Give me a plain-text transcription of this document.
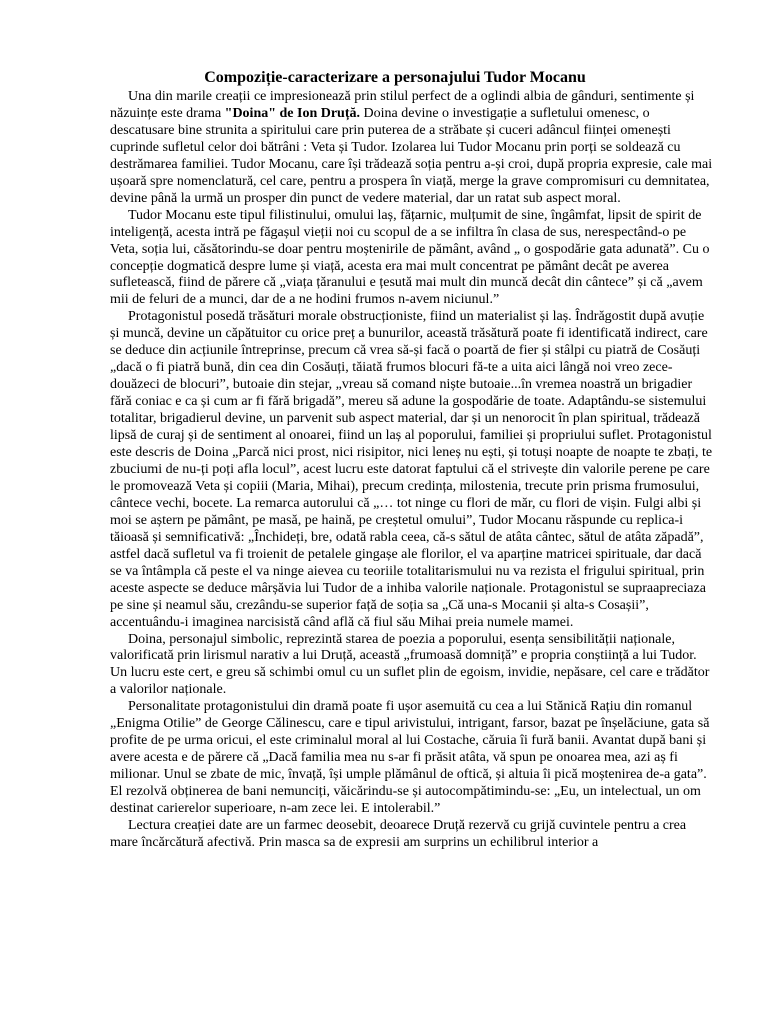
Compoziție-caracterizare a personajului Tudor Mocanu

Una din marile creații ce impresionează prin stilul perfect de a oglindi albia de gânduri, sentimente și năzuințe este drama "Doina" de Ion Druță. Doina devine o investigație a sufletului omenesc, o descatusare bine strunita a spiritului care prin puterea de a străbate și cuceri adâncul ființei omenești cuprinde sufletul celor doi bătrâni : Veta și Tudor. Izolarea lui Tudor Mocanu prin porți se soldează cu destrămarea familiei. Tudor Mocanu, care își trădează soția pentru a-și croi, după propria expresie, cale mai ușoară spre nomenclatură, cel care, pentru a prospera în viață, merge la grave compromisuri cu demnitatea, devine până la urmă un prosper din punct de vedere material, dar un ratat sub aspect moral.

Tudor Mocanu este tipul filistinului, omului laș, fățarnic, mulțumit de sine, îngâmfat, lipsit de spirit de inteligență, acesta intră pe făgașul vieții noi cu scopul de a se infiltra în clasa de sus, nerespectând-o pe Veta, soția lui, căsătorindu-se doar pentru moștenirile de pământ, având „ o gospodărie gata adunată”. Cu o concepție dogmatică despre lume și viață, acesta era mai mult concentrat pe pământ decât pe averea sufletească, fiind de părere că „viața țăranului e țesută mai mult din muncă decât din cântece” și că „avem mii de feluri de a munci, dar de a ne hodini frumos n-avem niciunul.”

Protagonistul posedă trăsături morale obstrucționiste, fiind un materialist și laș. Îndrăgostit după avuție și muncă, devine un căpătuitor cu orice preț a bunurilor, această trăsătură poate fi identificată indirect, care se deduce din acțiunile întreprinse, precum că vrea să-și facă o poartă de fier și stâlpi cu piatră de Cosăuți „dacă o fi piatră bună, din cea din Cosăuți, tăiată frumos blocuri fă-te a uita aici lângă noi vreo zece-douăzeci de blocuri”, butoaie din stejar, „vreau să comand niște butoaie...în vremea noastră un brigadier fără coniac e ca și cum ar fi fără brigadă”, mereu să adune la gospodărie de toate. Adaptându-se sistemului totalitar, brigadierul devine, un parvenit sub aspect material, dar și un nenorocit în plan spiritual, trădează lipsă de curaj și de sentiment al onoarei, fiind un laș al poporului, familiei și propriului suflet. Protagonistul este descris de Doina „Parcă nici prost, nici risipitor, nici leneș nu ești, și totuși noapte de noapte te zbați, te zbuciumi de nu-ți poți afla locul”, acest lucru este datorat faptului că el strivește din valorile perene pe care le promovează Veta și copiii (Maria, Mihai), precum credința, milostenia, trecute prin prisma frumosului, cântece vechi, bocete. La remarca autorului că „… tot ninge cu flori de măr, cu flori de vișin. Fulgi albi și moi se aștern pe pământ, pe masă, pe haină, pe creștetul omului”, Tudor Mocanu răspunde cu replica-i tăioasă și semnificativă: „Închideți, bre, odată rabla ceea, că-s sătul de atâta cântec, sătul de atâta zăpadă”, astfel dacă sufletul va fi troienit de petalele gingașe ale florilor, el va aparține matricei spirituale, dar dacă se va întâmpla că peste el va ninge aievea cu teoriile totalitarismului nu va rezista el frigului spiritual, prin aceste aspecte se deduce mârșăvia lui Tudor de a inhiba valorile naționale. Protagonistul se supraapreciaza pe sine și neamul său, crezându-se superior față de soția sa „Că una-s Mocanii și alta-s Cosașii”, accentuându-i imaginea narcisistă când află că fiul său Mihai preia numele mamei.

Doina, personajul simbolic, reprezintă starea de poezia a poporului, esența sensibilității naționale, valorificată prin lirismul narativ a lui Druță, această „frumoasă domniță” e propria conștiință a lui Tudor. Un lucru este cert, e greu să schimbi omul cu un suflet plin de egoism, invidie, nepăsare, cel care e trădător a valorilor naționale.

Personalitate protagonistului din dramă poate fi ușor asemuită cu cea a lui Stănică Rațiu din romanul „Enigma Otilie” de George Călinescu, care e tipul arivistului, intrigant, farsor, bazat pe înșelăciune, gata să profite de pe urma oricui, el este criminalul moral al lui Costache, căruia îi fură banii. Avantat după bani și avere acesta e de părere că „Dacă familia mea nu s-ar fi prăsit atâta, vă spun pe onoarea mea, azi aș fi milionar. Unul se zbate de mic, învață, își umple plămânul de oftică, și altuia îi pică moștenirea de-a gata”. El rezolvă obținerea de bani nemunciți, văicărindu-se și autocompătimindu-se: „Eu, un intelectual, un om destinat carierelor superioare, n-am zece lei. E intolerabil.”

Lectura creației date are un farmec deosebit, deoarece Druță rezervă cu grijă cuvintele pentru a crea mare încărcătură afectivă. Prin masca sa de expresii am surprins un echilibrul interior a
